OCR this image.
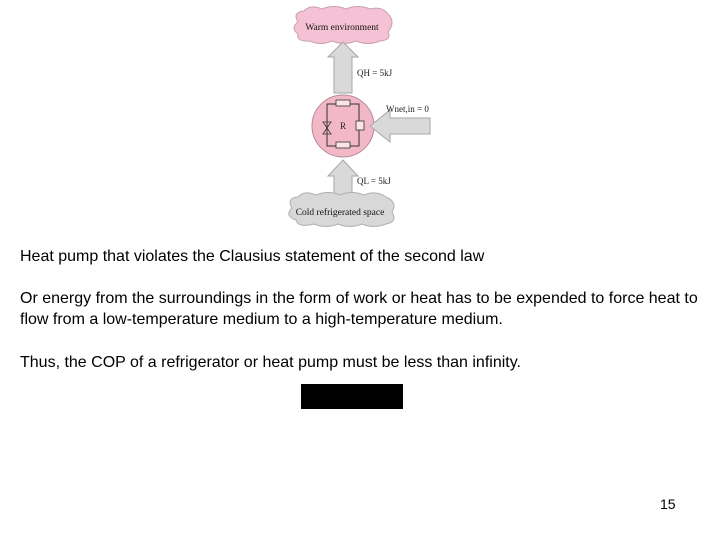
Warm environment
QH = 5kJ
R
Wnet,in = 0
QL = 5kJ
Cold refrigerated space

Heat pump that violates the Clausius statement of the second law

Or energy from the surroundings in the form of work or heat has to be expended to force heat to flow from a low-temperature medium to a high-temperature medium.

Thus, the COP of a refrigerator or heat pump must be less than infinity.

15
